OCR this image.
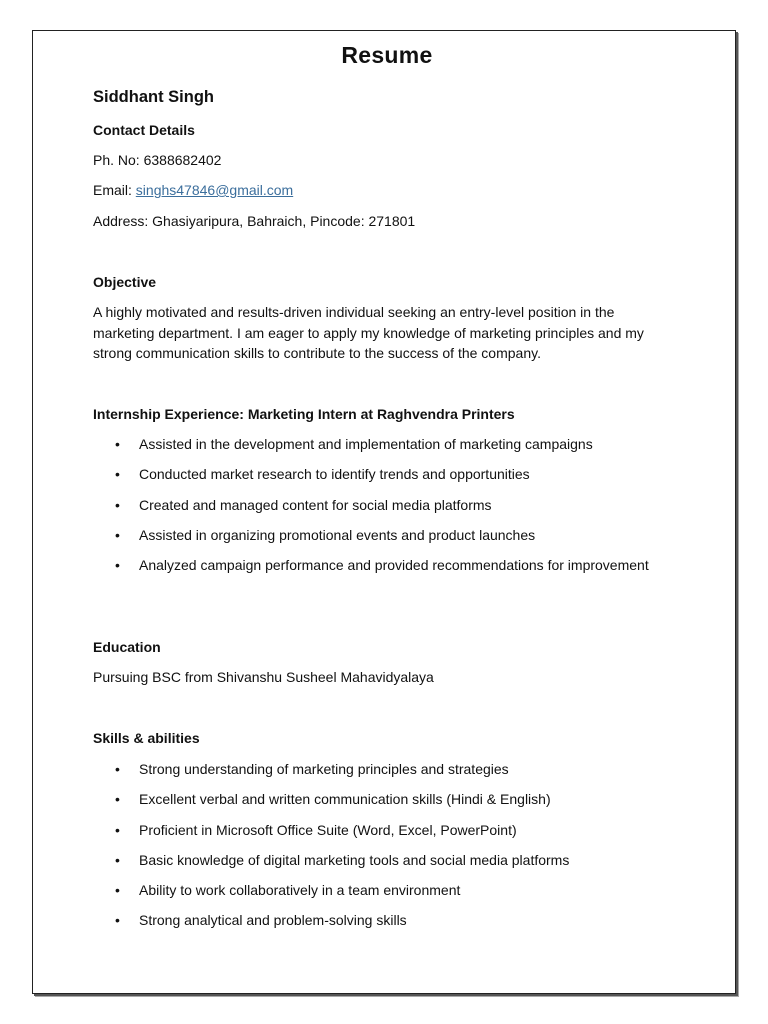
Resume
Siddhant Singh
Contact Details
Ph. No: 6388682402
Email: singhs47846@gmail.com
Address: Ghasiyaripura, Bahraich, Pincode: 271801
Objective
A highly motivated and results-driven individual seeking an entry-level position in the marketing department. I am eager to apply my knowledge of marketing principles and my strong communication skills to contribute to the success of the company.
Internship Experience: Marketing Intern at Raghvendra Printers
• Assisted in the development and implementation of marketing campaigns
• Conducted market research to identify trends and opportunities
• Created and managed content for social media platforms
• Assisted in organizing promotional events and product launches
• Analyzed campaign performance and provided recommendations for improvement
Education
Pursuing BSC from Shivanshu Susheel Mahavidyalaya
Skills & abilities
• Strong understanding of marketing principles and strategies
• Excellent verbal and written communication skills (Hindi & English)
• Proficient in Microsoft Office Suite (Word, Excel, PowerPoint)
• Basic knowledge of digital marketing tools and social media platforms
• Ability to work collaboratively in a team environment
• Strong analytical and problem-solving skills
